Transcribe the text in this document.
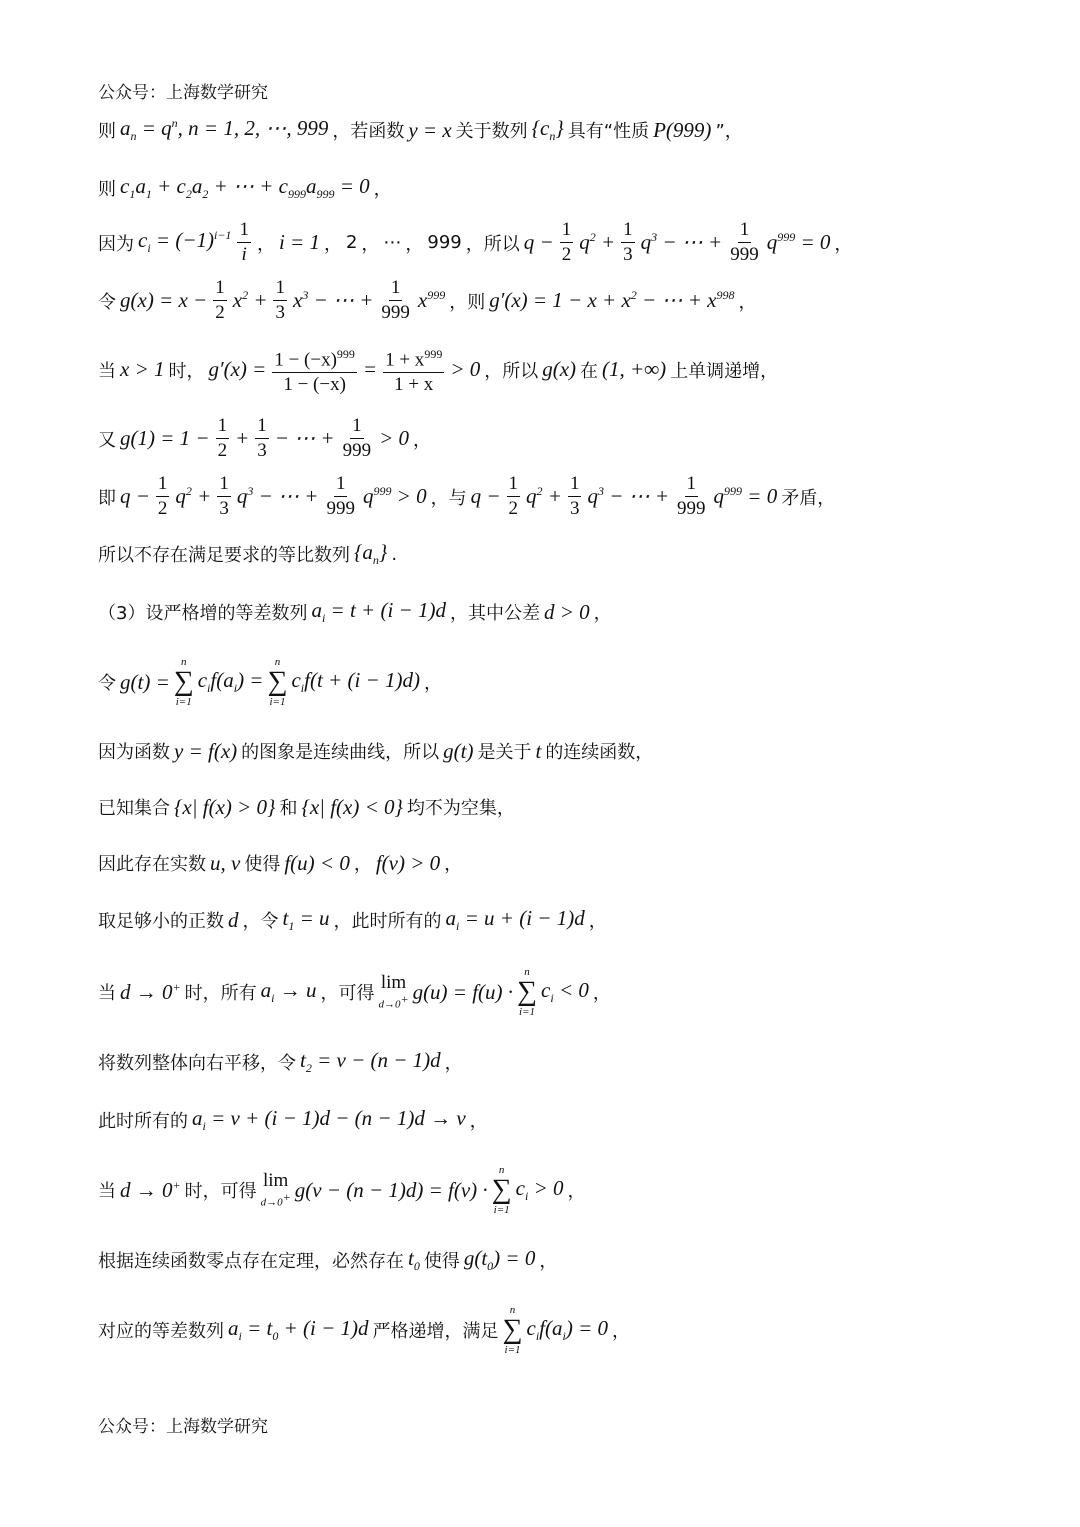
公众号：上海数学研究
则 $a_n = q^n$, n = 1, 2, ⋯, 999 ，若函数 y = x 关于数列 $\{c_n\}$ 具有“性质 P(999) ”，
则 $c_1a_1 + c_2a_2$ + ⋯ + $c_{999}a_{999} = 0$ ，
因为 $c_i = (-1)^{i-1} \frac{1}{i}$ ， i = 1 ， 2 ， ⋯ ， 999 ，所以 $q - \frac{1}{2} q^2 + \frac{1}{3} q^3$ − ⋯ + $\frac{1}{999} q^{999} = 0$ ，
令 $g(x) = x - \frac{1}{2} x^2 + \frac{1}{3} x^3$ − ⋯ + $\frac{1}{999} x^{999}$ ，则 $g'(x) = 1 - x + x^2$ − ⋯ + $x^{998}$ ，
当 x > 1 时， $g'(x) = \frac{1 - (-x)^{999}}{1 - (-x)} = \frac{1 + x^{999}}{1 + x} > 0$ ，所以 g(x) 在 (1, +∞) 上单调递增，
又 $g(1) = 1 - \frac{1}{2} + \frac{1}{3}$ − ⋯ + $\frac{1}{999} > 0$ ，
即 $q - \frac{1}{2} q^2 + \frac{1}{3} q^3$ − ⋯ + $\frac{1}{999} q^{999} > 0$ ，与 $q - \frac{1}{2} q^2 + \frac{1}{3} q^3$ − ⋯ + $\frac{1}{999} q^{999} = 0$ 矛盾，
所以不存在满足要求的等比数列 $\{a_n\}$ .
（3）设严格增的等差数列 $a_i = t + (i - 1)d$ ，其中公差 d > 0 ，
令 g(t) =
n
∑
i=1
$c_if(a_i)$ =
n
∑
i=1
$c_if(t + (i - 1)d)$ ，
因为函数 y = f(x) 的图象是连续曲线，所以 g(t) 是关于 t 的连续函数，
已知集合 {x| f(x) > 0} 和 {x| f(x) < 0} 均不为空集，
因此存在实数 u, v 使得 f(u) < 0 ， f(v) > 0 ，
取足够小的正数 d ，令 $t_1 = u$ ，此时所有的 $a_i = u + (i - 1)d$ ，
当 d → 0+ 时，所有 $a_i \to u$ ，可得
lim
d→0+ g(u) = f(u) ·
n
∑
i=1
$c_i < 0$ ，
将数列整体向右平移，令 $t_2 = v - (n - 1)d$ ，
此时所有的 $a_i = v + (i - 1)d - (n - 1)d \to v$ ，
当 d → 0+ 时，可得
lim
d→0+ g(v − (n − 1)d) = f(v) ·
n
∑
i=1
$c_i > 0$ ，
根据连续函数零点存在定理，必然存在 $t_0$ 使得 $g(t_0) = 0$ ，
对应的等差数列 $a_i = t_0 + (i - 1)d$ 严格递增，满足
n
∑
i=1
$c_if(a_i) = 0$ ，
公众号：上海数学研究
